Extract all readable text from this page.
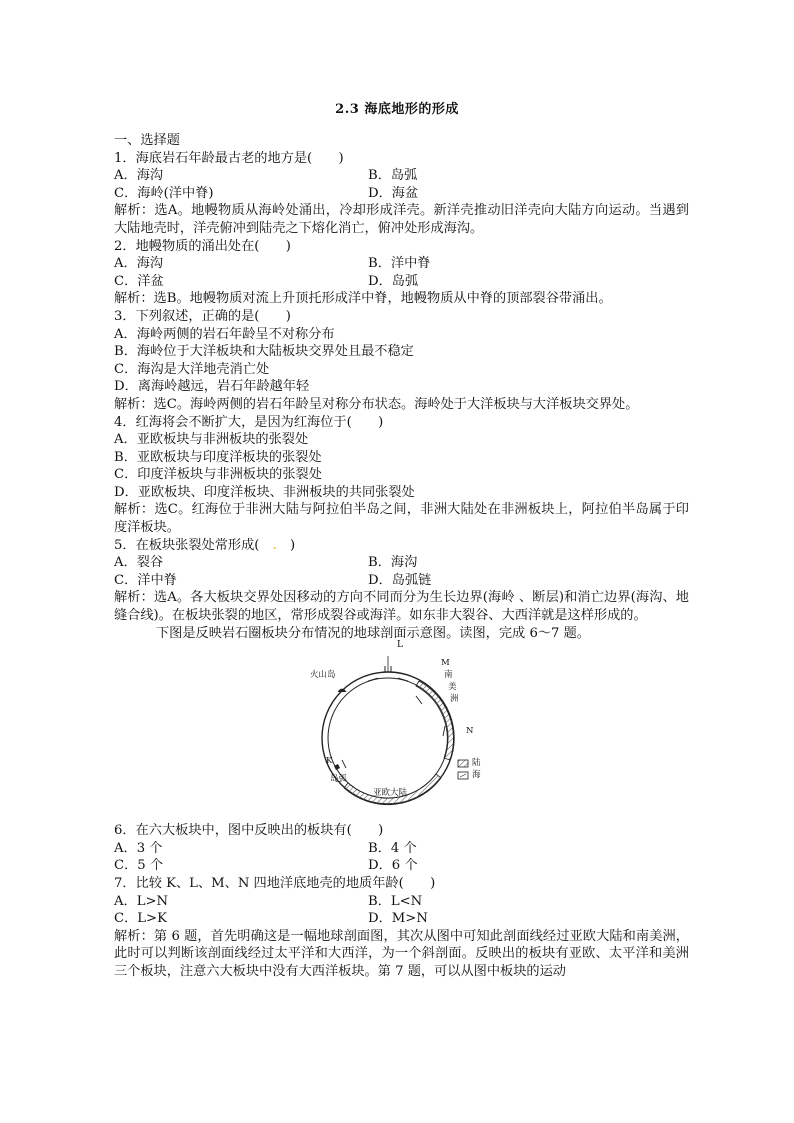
2.3 海底地形的形成
一、选择题
1．海底岩石年龄最古老的地方是(　　)
A．海沟	B．岛弧
C．海岭(洋中脊)	D．海盆
解析：选A。地幔物质从海岭处涌出，冷却形成洋壳。新洋壳推动旧洋壳向大陆方向运动。当遇到大陆地壳时，洋壳俯冲到陆壳之下熔化消亡，俯冲处形成海沟。
2．地幔物质的涌出处在(　　)
A．海沟	B．洋中脊
C．洋盆	D．岛弧
解析：选B。地幔物质对流上升顶托形成洋中脊，地幔物质从中脊的顶部裂谷带涌出。
3．下列叙述，正确的是(　　)
A．海岭两侧的岩石年龄呈不对称分布
B．海岭位于大洋板块和大陆板块交界处且最不稳定
C．海沟是大洋地壳消亡处
D．离海岭越远，岩石年龄越年轻
解析：选C。海岭两侧的岩石年龄呈对称分布状态。海岭处于大洋板块与大洋板块交界处。
4．红海将会不断扩大，是因为红海位于(　　)
A．亚欧板块与非洲板块的张裂处
B．亚欧板块与印度洋板块的张裂处
C．印度洋板块与非洲板块的张裂处
D．亚欧板块、印度洋板块、非洲板块的共同张裂处
解析：选C。红海位于非洲大陆与阿拉伯半岛之间，非洲大陆处在非洲板块上，阿拉伯半岛属于印度洋板块。
5．在板块张裂处常形成(　.　)
A．裂谷	B．海沟
C．洋中脊	D．岛弧链
解析：选A。各大板块交界处因移动的方向不同而分为生长边界(海岭 、断层)和消亡边界(海沟、地缝合线)。在板块张裂的地区，常形成裂谷或海洋。如东非大裂谷、大西洋就是这样形成的。
下图是反映岩石圈板块分布情况的地球剖面示意图。读图，完成 6～7 题。
L
M
南
美
洲
N
火山岛
K
岛弧
亚欧大陆
陆
海
6．在六大板块中，图中反映出的板块有(　　)
A．3 个	B．4 个
C．5 个	D．6 个
7．比较 K、L、M、N 四地洋底地壳的地质年龄(　　)
A．L>N	B．L<N
C．L>K	D．M>N
解析：第 6 题，首先明确这是一幅地球剖面图，其次从图中可知此剖面线经过亚欧大陆和南美洲，此时可以判断该剖面线经过太平洋和大西洋，为一个斜剖面。反映出的板块有亚欧、太平洋和美洲三个板块，注意六大板块中没有大西洋板块。第 7 题，可以从图中板块的运动
